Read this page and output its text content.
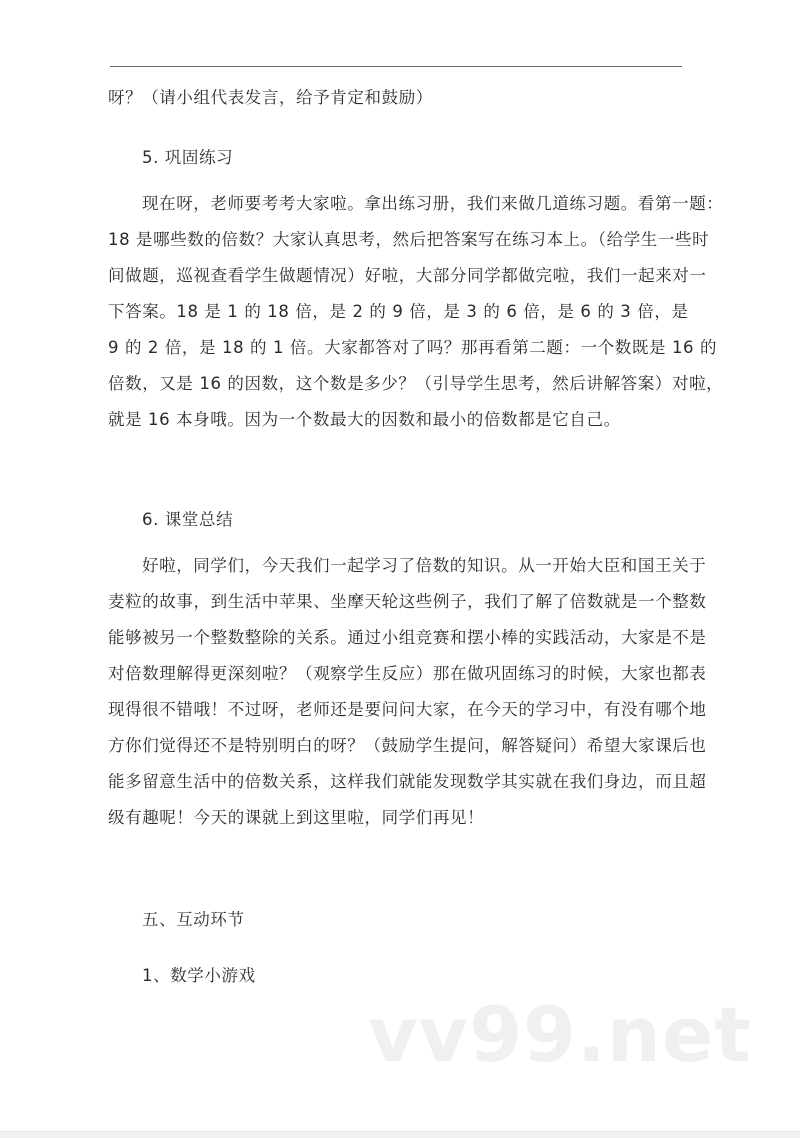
呀？（请小组代表发言，给予肯定和鼓励）
5. 巩固练习
现在呀，老师要考考大家啦。拿出练习册，我们来做几道练习题。看第一题：
18 是哪些数的倍数？大家认真思考，然后把答案写在练习本上。（给学生一些时
间做题，巡视查看学生做题情况）好啦，大部分同学都做完啦，我们一起来对一
下答案。18 是 1 的 18 倍，是 2 的 9 倍，是 3 的 6 倍，是 6 的 3 倍，是
9 的 2 倍，是 18 的 1 倍。大家都答对了吗？那再看第二题：一个数既是 16 的
倍数，又是 16 的因数，这个数是多少？（引导学生思考，然后讲解答案）对啦，
就是 16 本身哦。因为一个数最大的因数和最小的倍数都是它自己。
6. 课堂总结
好啦，同学们，今天我们一起学习了倍数的知识。从一开始大臣和国王关于
麦粒的故事，到生活中苹果、坐摩天轮这些例子，我们了解了倍数就是一个整数
能够被另一个整数整除的关系。通过小组竞赛和摆小棒的实践活动，大家是不是
对倍数理解得更深刻啦？（观察学生反应）那在做巩固练习的时候，大家也都表
现得很不错哦！不过呀，老师还是要问问大家，在今天的学习中，有没有哪个地
方你们觉得还不是特别明白的呀？（鼓励学生提问，解答疑问）希望大家课后也
能多留意生活中的倍数关系，这样我们就能发现数学其实就在我们身边，而且超
级有趣呢！今天的课就上到这里啦，同学们再见！
五、互动环节
1、数学小游戏
vv99.net
